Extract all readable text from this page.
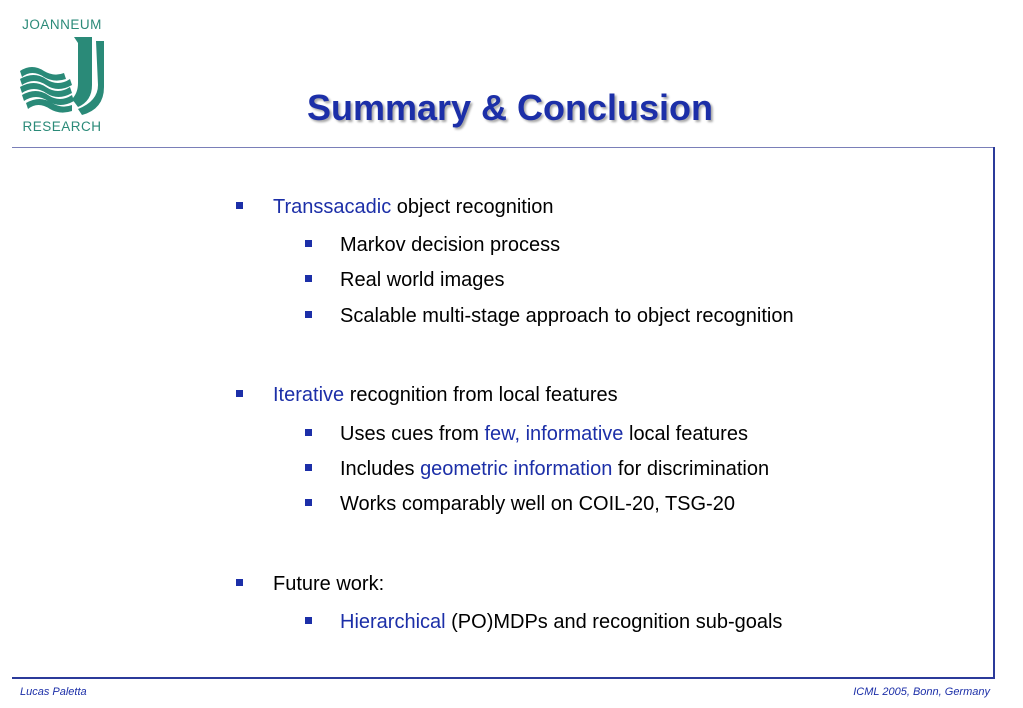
JOANNEUM
RESEARCH	Summary & Conclusion
Transsacadic object recognition
Markov decision process
Real world images
Scalable multi-stage approach to object recognition
Iterative recognition from local features
Uses cues from few, informative local features
Includes geometric information for discrimination
Works comparably well on COIL-20, TSG-20
Future work:
Hierarchical (PO)MDPs and recognition sub-goals
Lucas Paletta	ICML 2005, Bonn, Germany
